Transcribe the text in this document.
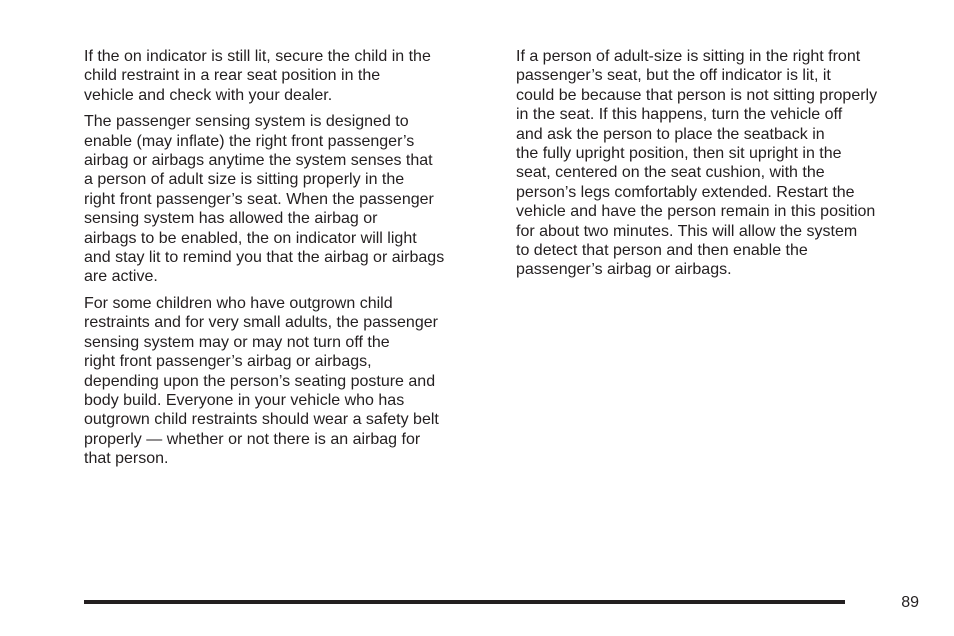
If the on indicator is still lit, secure the child in the
child restraint in a rear seat position in the
vehicle and check with your dealer.

The passenger sensing system is designed to
enable (may inflate) the right front passenger’s
airbag or airbags anytime the system senses that
a person of adult size is sitting properly in the
right front passenger’s seat. When the passenger
sensing system has allowed the airbag or
airbags to be enabled, the on indicator will light
and stay lit to remind you that the airbag or airbags
are active.

For some children who have outgrown child
restraints and for very small adults, the passenger
sensing system may or may not turn off the
right front passenger’s airbag or airbags,
depending upon the person’s seating posture and
body build. Everyone in your vehicle who has
outgrown child restraints should wear a safety belt
properly — whether or not there is an airbag for
that person.

If a person of adult-size is sitting in the right front
passenger’s seat, but the off indicator is lit, it
could be because that person is not sitting properly
in the seat. If this happens, turn the vehicle off
and ask the person to place the seatback in
the fully upright position, then sit upright in the
seat, centered on the seat cushion, with the
person’s legs comfortably extended. Restart the
vehicle and have the person remain in this position
for about two minutes. This will allow the system
to detect that person and then enable the
passenger’s airbag or airbags.

89
